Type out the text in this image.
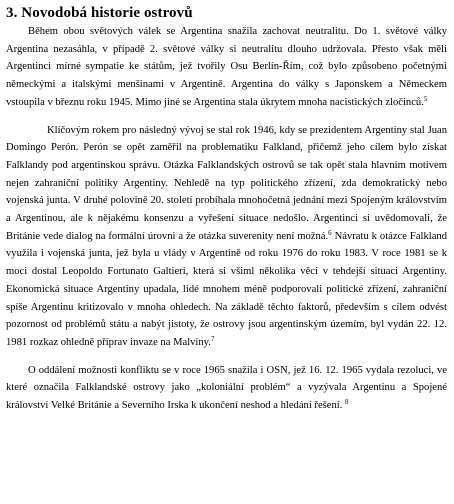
3. Novodobá historie ostrovů

Během obou světových válek se Argentina snažila zachovat neutralitu. Do 1. světové války Argentina nezasáhla, v případě 2. světové války si neutralitu dlouho udržovala. Přesto však měli Argentinci mírné sympatie ke státům, jež tvořily Osu Berlín-Řím, což bylo způsobeno početnými německými a italskými menšinami v Argentině. Argentina do války s Japonskem a Německem vstoupila v březnu roku 1945. Mimo jiné se Argentina stala úkrytem mnoha nacistických zločinců.$^5$

Klíčovým rokem pro následný vývoj se stal rok 1946, kdy se prezidentem Argentiny stal Juan Domingo Perón. Perón se opět zaměřil na problematiku Falkland, přičemž jeho cílem bylo získat Falklandy pod argentinskou správu. Otázka Falklandských ostrovů se tak opět stala hlavním motivem nejen zahraniční politiky Argentiny. Nehledě na typ politického zřízení, zda demokratický nebo vojenská junta. V druhé polovině 20. století probíhala mnohočetná jednání mezi Spojeným královstvím a Argentinou, ale k nějakému konsenzu a vyřešení situace nedošlo. Argentinci si uvědomovali, že Británie vede dialog na formální úrovni a že otázka suverenity není možná.$^6$ Návratu k otázce Falkland využila i vojenská junta, jež byla u vlády v Argentině od roku 1976 do roku 1983. V roce 1981 se k moci dostal Leopoldo Fortunato Galtieri, která si všiml několika věcí v tehdejší situaci Argentiny. Ekonomická situace Argentiny upadala, lidé mnohem méně podporovali politické zřízení, zahraniční spíše Argentinu kritizovalo v mnoha ohledech. Na základě těchto faktorů, především s cílem odvést pozornost od problémů státu a nabýt jistoty, že ostrovy jsou argentinským územím, byl vydán 22. 12. 1981 rozkaz ohledně příprav invaze na Malvíny.$^7$

O oddálení možnosti konfliktu se v roce 1965 snažila i OSN, jež 16. 12. 1965 vydala rezoluci, ve které označila Falklandské ostrovy jako „koloniální problém“ a vyzývala Argentinu a Spojené království Velké Británie a Severního Irska k ukončení neshod a hledání řešení. $^8$
